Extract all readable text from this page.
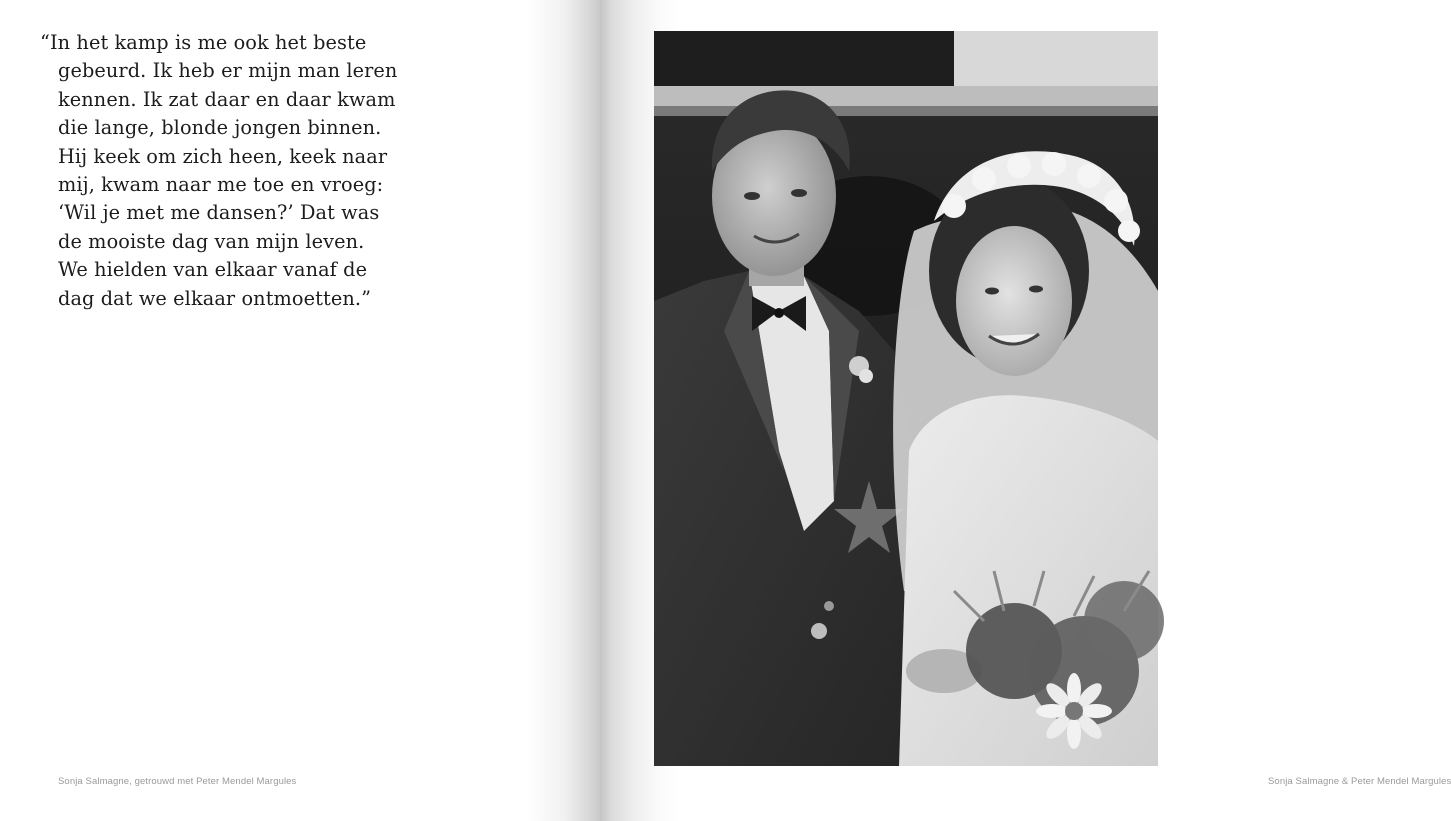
“In het kamp is me ook het beste
gebeurd. Ik heb er mijn man leren
kennen. Ik zat daar en daar kwam
die lange, blonde jongen binnen.
Hij keek om zich heen, keek naar
mij, kwam naar me toe en vroeg:
‘Wil je met me dansen?’ Dat was
de mooiste dag van mijn leven.
We hielden van elkaar vanaf de
dag dat we elkaar ontmoetten.”

Sonja Salmagne, getrouwd met Peter Mendel Margules	Sonja Salmagne & Peter Mendel Margules
